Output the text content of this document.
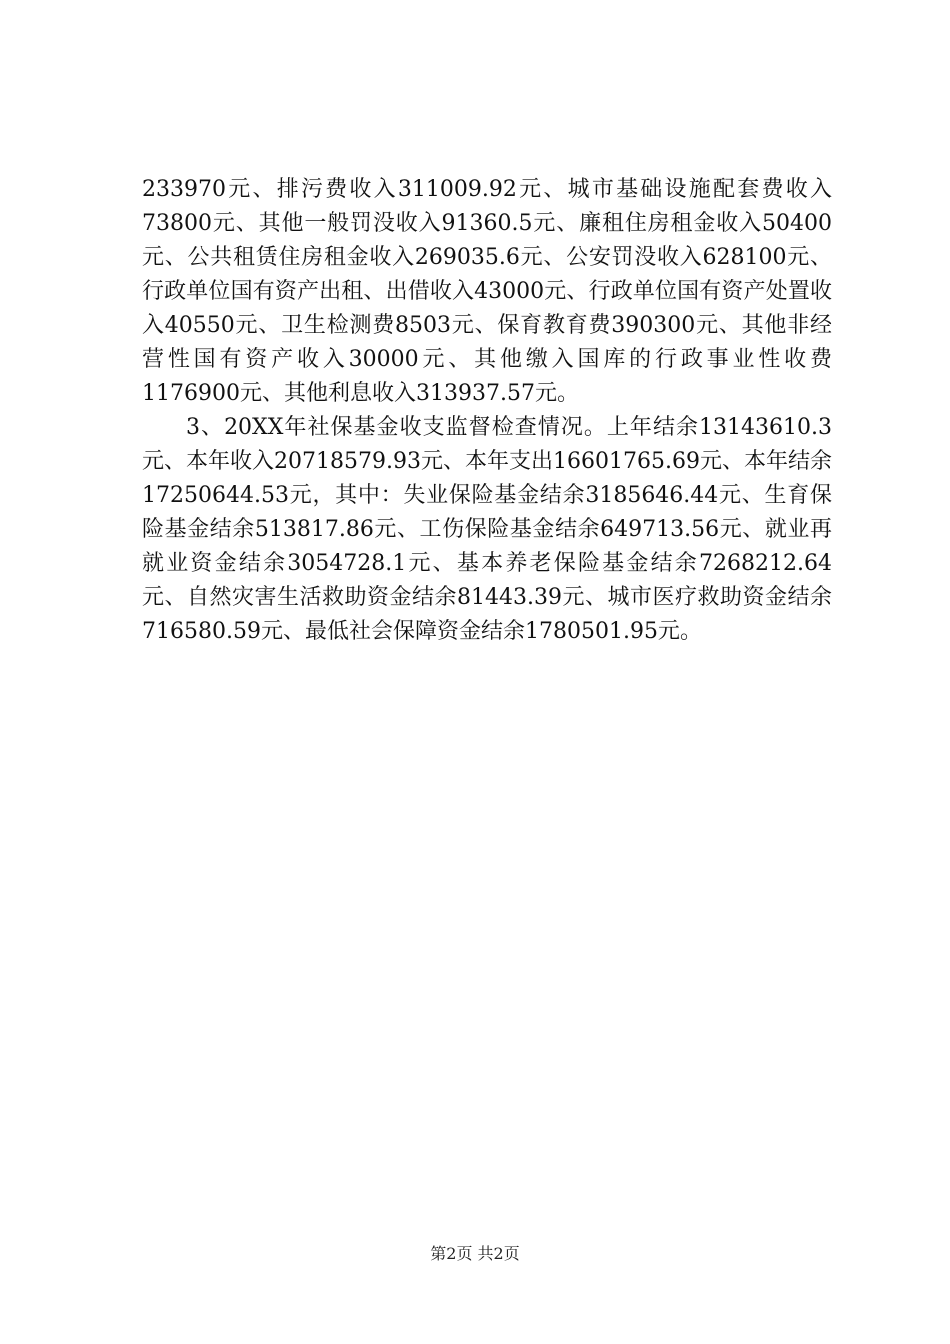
233970元、排污费收入311009.92元、城市基础设施配套费收入73800元、其他一般罚没收入91360.5元、廉租住房租金收入50400元、公共租赁住房租金收入269035.6元、公安罚没收入628100元、行政单位国有资产出租、出借收入43000元、行政单位国有资产处置收入40550元、卫生检测费8503元、保育教育费390300元、其他非经营性国有资产收入30000元、其他缴入国库的行政事业性收费1176900元、其他利息收入313937.57元。

3、20XX年社保基金收支监督检查情况。上年结余13143610.3元、本年收入20718579.93元、本年支出16601765.69元、本年结余17250644.53元，其中：失业保险基金结余3185646.44元、生育保险基金结余513817.86元、工伤保险基金结余649713.56元、就业再就业资金结余3054728.1元、基本养老保险基金结余7268212.64元、自然灾害生活救助资金结余81443.39元、城市医疗救助资金结余716580.59元、最低社会保障资金结余1780501.95元。

第2页 共2页
